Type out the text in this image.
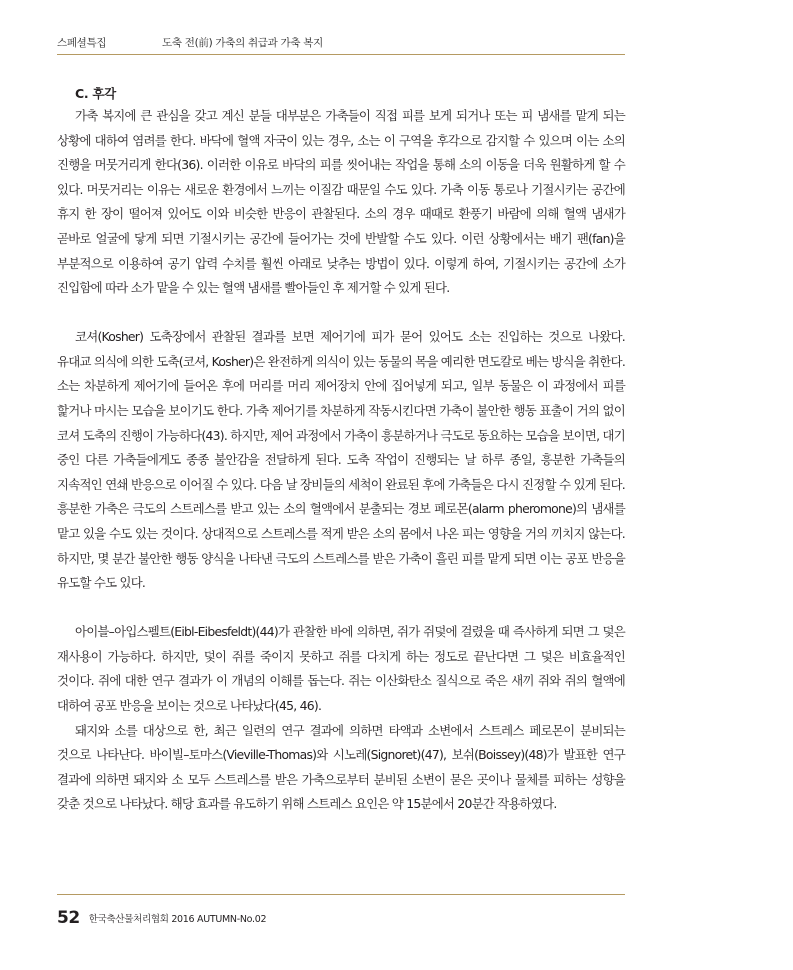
스페셜특집	도축 전(前) 가축의 취급과 가축 복지
C. 후각

가축 복지에 큰 관심을 갖고 계신 분들 대부분은 가축들이 직접 피를 보게 되거나 또는 피 냄새를 맡게 되는 상황에 대하여 염려를 한다. 바닥에 혈액 자국이 있는 경우, 소는 이 구역을 후각으로 감지할 수 있으며 이는 소의 진행을 머뭇거리게 한다(36). 이러한 이유로 바닥의 피를 씻어내는 작업을 통해 소의 이동을 더욱 원활하게 할 수 있다. 머뭇거리는 이유는 새로운 환경에서 느끼는 이질감 때문일 수도 있다. 가축 이동 통로나 기절시키는 공간에 휴지 한 장이 떨어져 있어도 이와 비슷한 반응이 관찰된다. 소의 경우 때때로 환풍기 바람에 의해 혈액 냄새가 곧바로 얼굴에 닿게 되면 기절시키는 공간에 들어가는 것에 반발할 수도 있다. 이런 상황에서는 배기 팬(fan)을 부분적으로 이용하여 공기 압력 수치를 훨씬 아래로 낮추는 방법이 있다. 이렇게 하여, 기절시키는 공간에 소가 진입함에 따라 소가 맡을 수 있는 혈액 냄새를 빨아들인 후 제거할 수 있게 된다.

코셔(Kosher) 도축장에서 관찰된 결과를 보면 제어기에 피가 묻어 있어도 소는 진입하는 것으로 나왔다. 유대교 의식에 의한 도축(코셔, Kosher)은 완전하게 의식이 있는 동물의 목을 예리한 면도칼로 베는 방식을 취한다. 소는 차분하게 제어기에 들어온 후에 머리를 머리 제어장치 안에 집어넣게 되고, 일부 동물은 이 과정에서 피를 핥거나 마시는 모습을 보이기도 한다. 가축 제어기를 차분하게 작동시킨다면 가축이 불안한 행동 표출이 거의 없이 코셔 도축의 진행이 가능하다(43). 하지만, 제어 과정에서 가축이 흥분하거나 극도로 동요하는 모습을 보이면, 대기 중인 다른 가축들에게도 종종 불안감을 전달하게 된다. 도축 작업이 진행되는 날 하루 종일, 흥분한 가축들의 지속적인 연쇄 반응으로 이어질 수 있다. 다음 날 장비들의 세척이 완료된 후에 가축들은 다시 진정할 수 있게 된다. 흥분한 가축은 극도의 스트레스를 받고 있는 소의 혈액에서 분출되는 경보 페로몬(alarm pheromone)의 냄새를 맡고 있을 수도 있는 것이다. 상대적으로 스트레스를 적게 받은 소의 몸에서 나온 피는 영향을 거의 끼치지 않는다. 하지만, 몇 분간 불안한 행동 양식을 나타낸 극도의 스트레스를 받은 가축이 흘린 피를 맡게 되면 이는 공포 반응을 유도할 수도 있다.

아이블–아입스펠트(Eibl-Eibesfeldt)(44)가 관찰한 바에 의하면, 쥐가 쥐덫에 걸렸을 때 즉사하게 되면 그 덫은 재사용이 가능하다. 하지만, 덫이 쥐를 죽이지 못하고 쥐를 다치게 하는 정도로 끝난다면 그 덫은 비효율적인 것이다. 쥐에 대한 연구 결과가 이 개념의 이해를 돕는다. 쥐는 이산화탄소 질식으로 죽은 새끼 쥐와 쥐의 혈액에 대하여 공포 반응을 보이는 것으로 나타났다(45, 46).

돼지와 소를 대상으로 한, 최근 일련의 연구 결과에 의하면 타액과 소변에서 스트레스 페로몬이 분비되는 것으로 나타난다. 바이빌–토마스(Vieville-Thomas)와 시노레(Signoret)(47), 보쉬(Boissey)(48)가 발표한 연구 결과에 의하면 돼지와 소 모두 스트레스를 받은 가축으로부터 분비된 소변이 묻은 곳이나 물체를 피하는 성향을 갖춘 것으로 나타났다. 해당 효과를 유도하기 위해 스트레스 요인은 약 15분에서 20분간 작용하였다.

52 한국축산물처리협회 2016 AUTUMN-No.02
